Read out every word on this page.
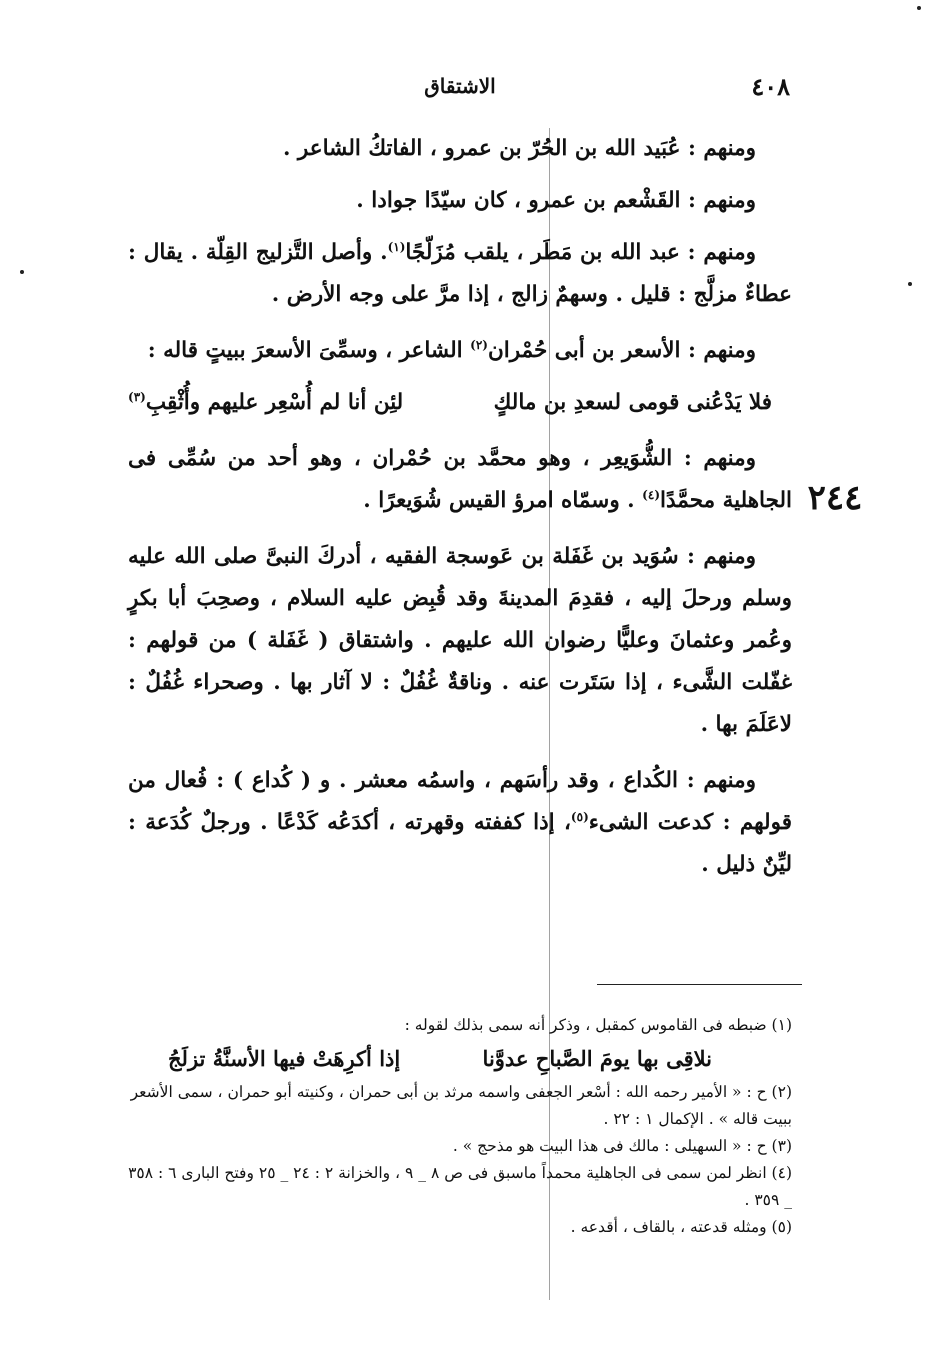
٤٠٨
الاشتقاق
٢٤٤

ومنهم : عُبَيد الله بن الحُرّ بن عمرو ، الفاتكُ الشاعر .

ومنهم : القَشْعم بن عمرو ، كان سيّدًا جوادا .

ومنهم : عبد الله بن مَطَر ، يلقب مُزَلّجًا$^{(١)}$. وأصل التَّزليج القِلّة . يقال : عطاءٌ مزلَّج : قليل . وسهمٌ زالج ، إذا مرَّ على وجه الأرض .

ومنهم : الأسعر بن أبى حُمْران$^{(٢)}$ الشاعر ، وسمِّىَ الأسعرَ ببيتٍ قاله :

فلا يَدْعُنى قومى لسعدِ بن مالكٍ
لئِن أنا لم أُسْعِر عليهم وأُثْقِبِ$^{(٣)}$

ومنهم : الشُّوَيعِر ، وهو محمَّد بن حُمْران ، وهو أحد من سُمِّى فى الجاهلية محمَّدًا$^{(٤)}$ . وسمّاه امرؤ القيس شُوَيعرًا .

ومنهم : سُوَيد بن غَفَلة بن عَوسجة الفقيه ، أدركَ النبىَّ صلى الله عليه وسلم ورحلَ إليه ، فقدِمَ المدينةَ وقد قُبِض عليه السلام ، وصحِبَ أبا بكرٍ وعُمر وعثمانَ وعليًّا رضوان الله عليهم . واشتقاق ( غَفَلة ) من قولهم : غفّلت الشَّىء ، إذا سَتَرت عنه . وناقةٌ غُفُلٌ : لا آثار بها . وصحراء غُفُلٌ : لاعَلَمَ بها .

ومنهم : الكُداع ، وقد رأسَهم ، واسمُه معشر . و ( كُداع ) : فُعال من قولهم : كدعت الشىء$^{(٥)}$، إذا كففته وقهرته ، أكدَعُه كَدْعًا . ورجلٌ كُدَعة : ليِّنٌ ذليل .

(١) ضبطه فى القاموس كمقبل ، وذكر أنه سمى بذلك لقوله :

نلاقِى بها يومَ الصَّباحِ عدوَّنا
إذا أكرِهَتْ فيها الأسنَّةُ تزلَجُ

(٢) ح : « الأمير رحمه الله : أسْعر الجعفى واسمه مرثد بن أبى حمران ، وكنيته أبو حمران ، سمى الأشعر ببيت قاله » . الإكمال ١ : ٢٢ .

(٣) ح : « السهيلى : مالك فى هذا البيت هو مذحج » .

(٤) انظر لمن سمى فى الجاهلية محمداً ماسبق فى ص ٨ _ ٩ ، والخزانة ٢ : ٢٤ _ ٢٥ وفتح البارى ٦ : ٣٥٨ _ ٣٥٩ .

(٥) ومثله قدعته ، بالقاف ، أقدعه .
